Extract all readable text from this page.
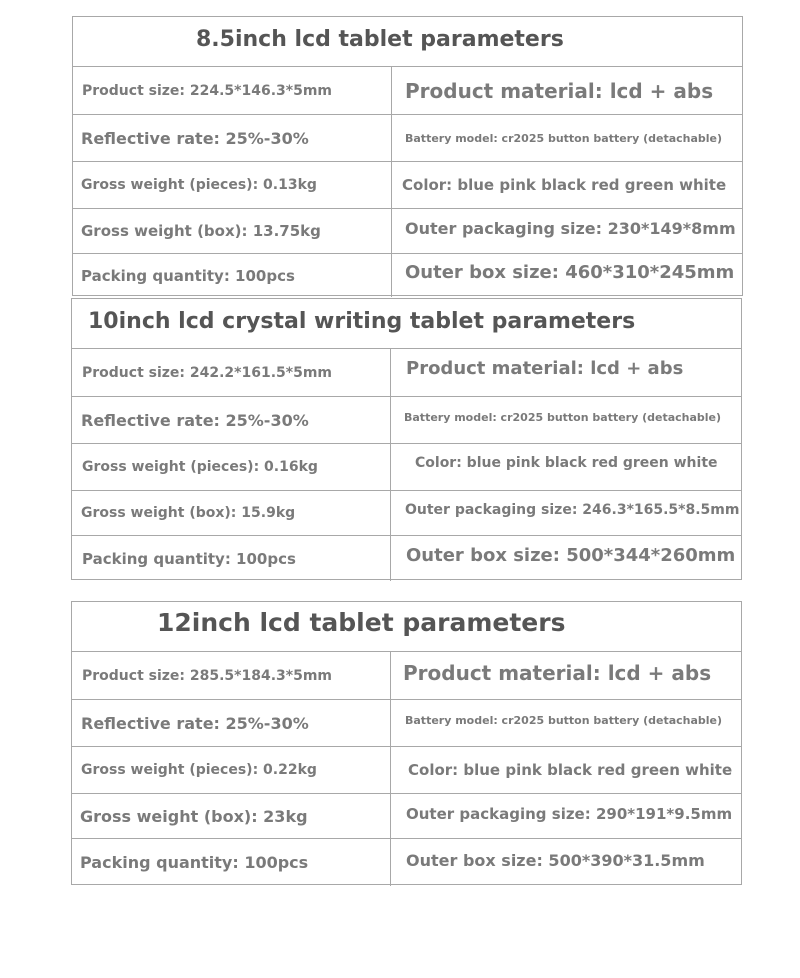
8.5inch lcd tablet parameters
Product size: 224.5*146.3*5mm	Product material: lcd + abs
Reflective rate: 25%-30%	Battery model: cr2025 button battery (detachable)
Gross weight (pieces): 0.13kg	Color: blue pink black red green white
Gross weight (box): 13.75kg	Outer packaging size: 230*149*8mm
Packing quantity: 100pcs	Outer box size: 460*310*245mm
10inch lcd crystal writing tablet parameters
Product size: 242.2*161.5*5mm	Product material: lcd + abs
Reflective rate: 25%-30%	Battery model: cr2025 button battery (detachable)
Gross weight (pieces): 0.16kg	Color: blue pink black red green white
Gross weight (box): 15.9kg	Outer packaging size: 246.3*165.5*8.5mm
Packing quantity: 100pcs	Outer box size: 500*344*260mm
12inch lcd tablet parameters
Product size: 285.5*184.3*5mm	Product material: lcd + abs
Reflective rate: 25%-30%	Battery model: cr2025 button battery (detachable)
Gross weight (pieces): 0.22kg	Color: blue pink black red green white
Gross weight (box): 23kg	Outer packaging size: 290*191*9.5mm
Packing quantity: 100pcs	Outer box size: 500*390*31.5mm
